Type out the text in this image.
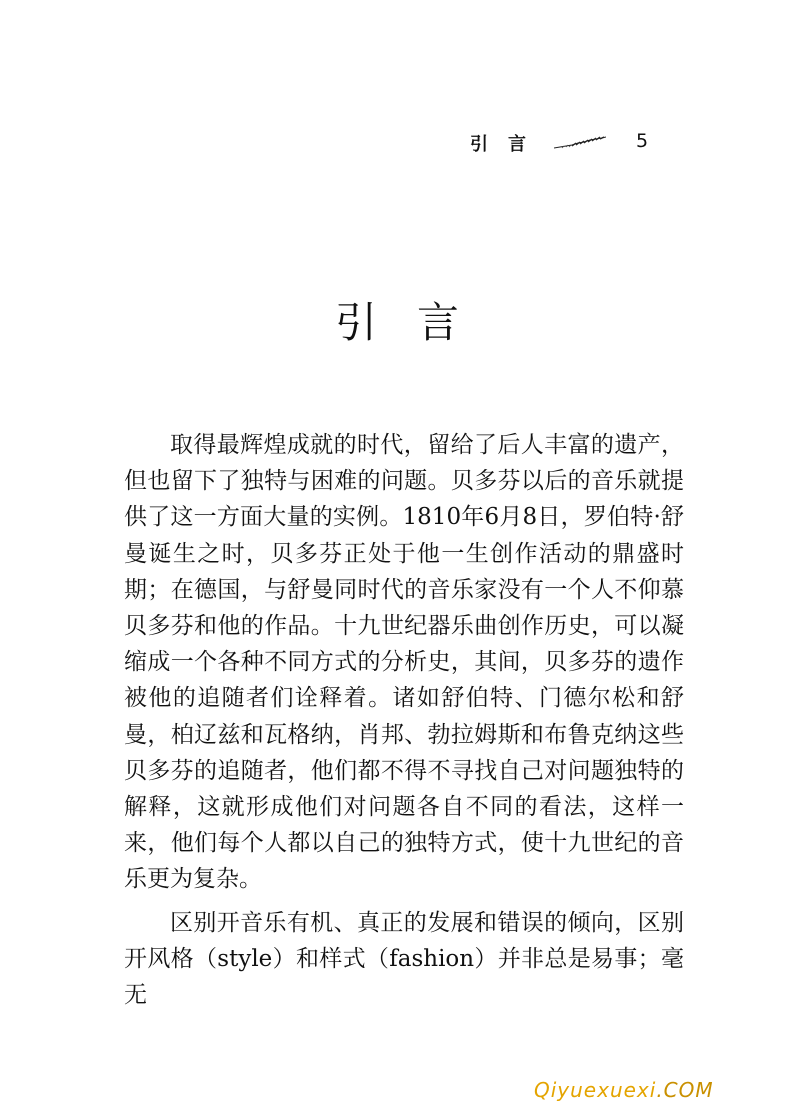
引言	5
引言

取得最辉煌成就的时代，留给了后人丰富的遗产，但也留下了独特与困难的问题。贝多芬以后的音乐就提供了这一方面大量的实例。1810年6月8日，罗伯特·舒曼诞生之时，贝多芬正处于他一生创作活动的鼎盛时期；在德国，与舒曼同时代的音乐家没有一个人不仰慕贝多芬和他的作品。十九世纪器乐曲创作历史，可以凝缩成一个各种不同方式的分析史，其间，贝多芬的遗作被他的追随者们诠释着。诸如舒伯特、门德尔松和舒曼，柏辽兹和瓦格纳，肖邦、勃拉姆斯和布鲁克纳这些贝多芬的追随者，他们都不得不寻找自己对问题独特的解释，这就形成他们对问题各自不同的看法，这样一来，他们每个人都以自己的独特方式，使十九世纪的音乐更为复杂。

区别开音乐有机、真正的发展和错误的倾向，区别开风格（style）和样式（fashion）并非总是易事；毫无

Qiyuexuexi.COM
